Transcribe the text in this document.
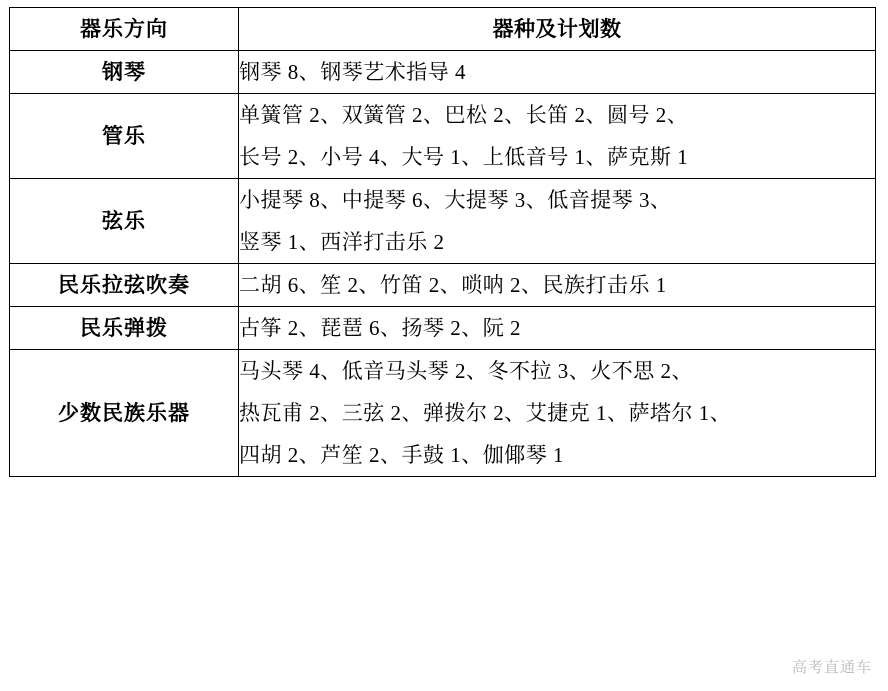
器乐方向	器种及计划数
钢琴	钢琴 8、钢琴艺术指导 4

管乐	单簧管 2、双簧管 2、巴松 2、长笛 2、圆号 2、
长号 2、小号 4、大号 1、上低音号 1、萨克斯 1

弦乐	小提琴 8、中提琴 6、大提琴 3、低音提琴 3、
竖琴 1、西洋打击乐 2

民乐拉弦吹奏	二胡 6、笙 2、竹笛 2、唢呐 2、民族打击乐 1

民乐弹拨	古筝 2、琵琶 6、扬琴 2、阮 2

少数民族乐器	马头琴 4、低音马头琴 2、冬不拉 3、火不思 2、
热瓦甫 2、三弦 2、弹拨尔 2、艾捷克 1、萨塔尔 1、
四胡 2、芦笙 2、手鼓 1、伽倻琴 1
高考直通车
